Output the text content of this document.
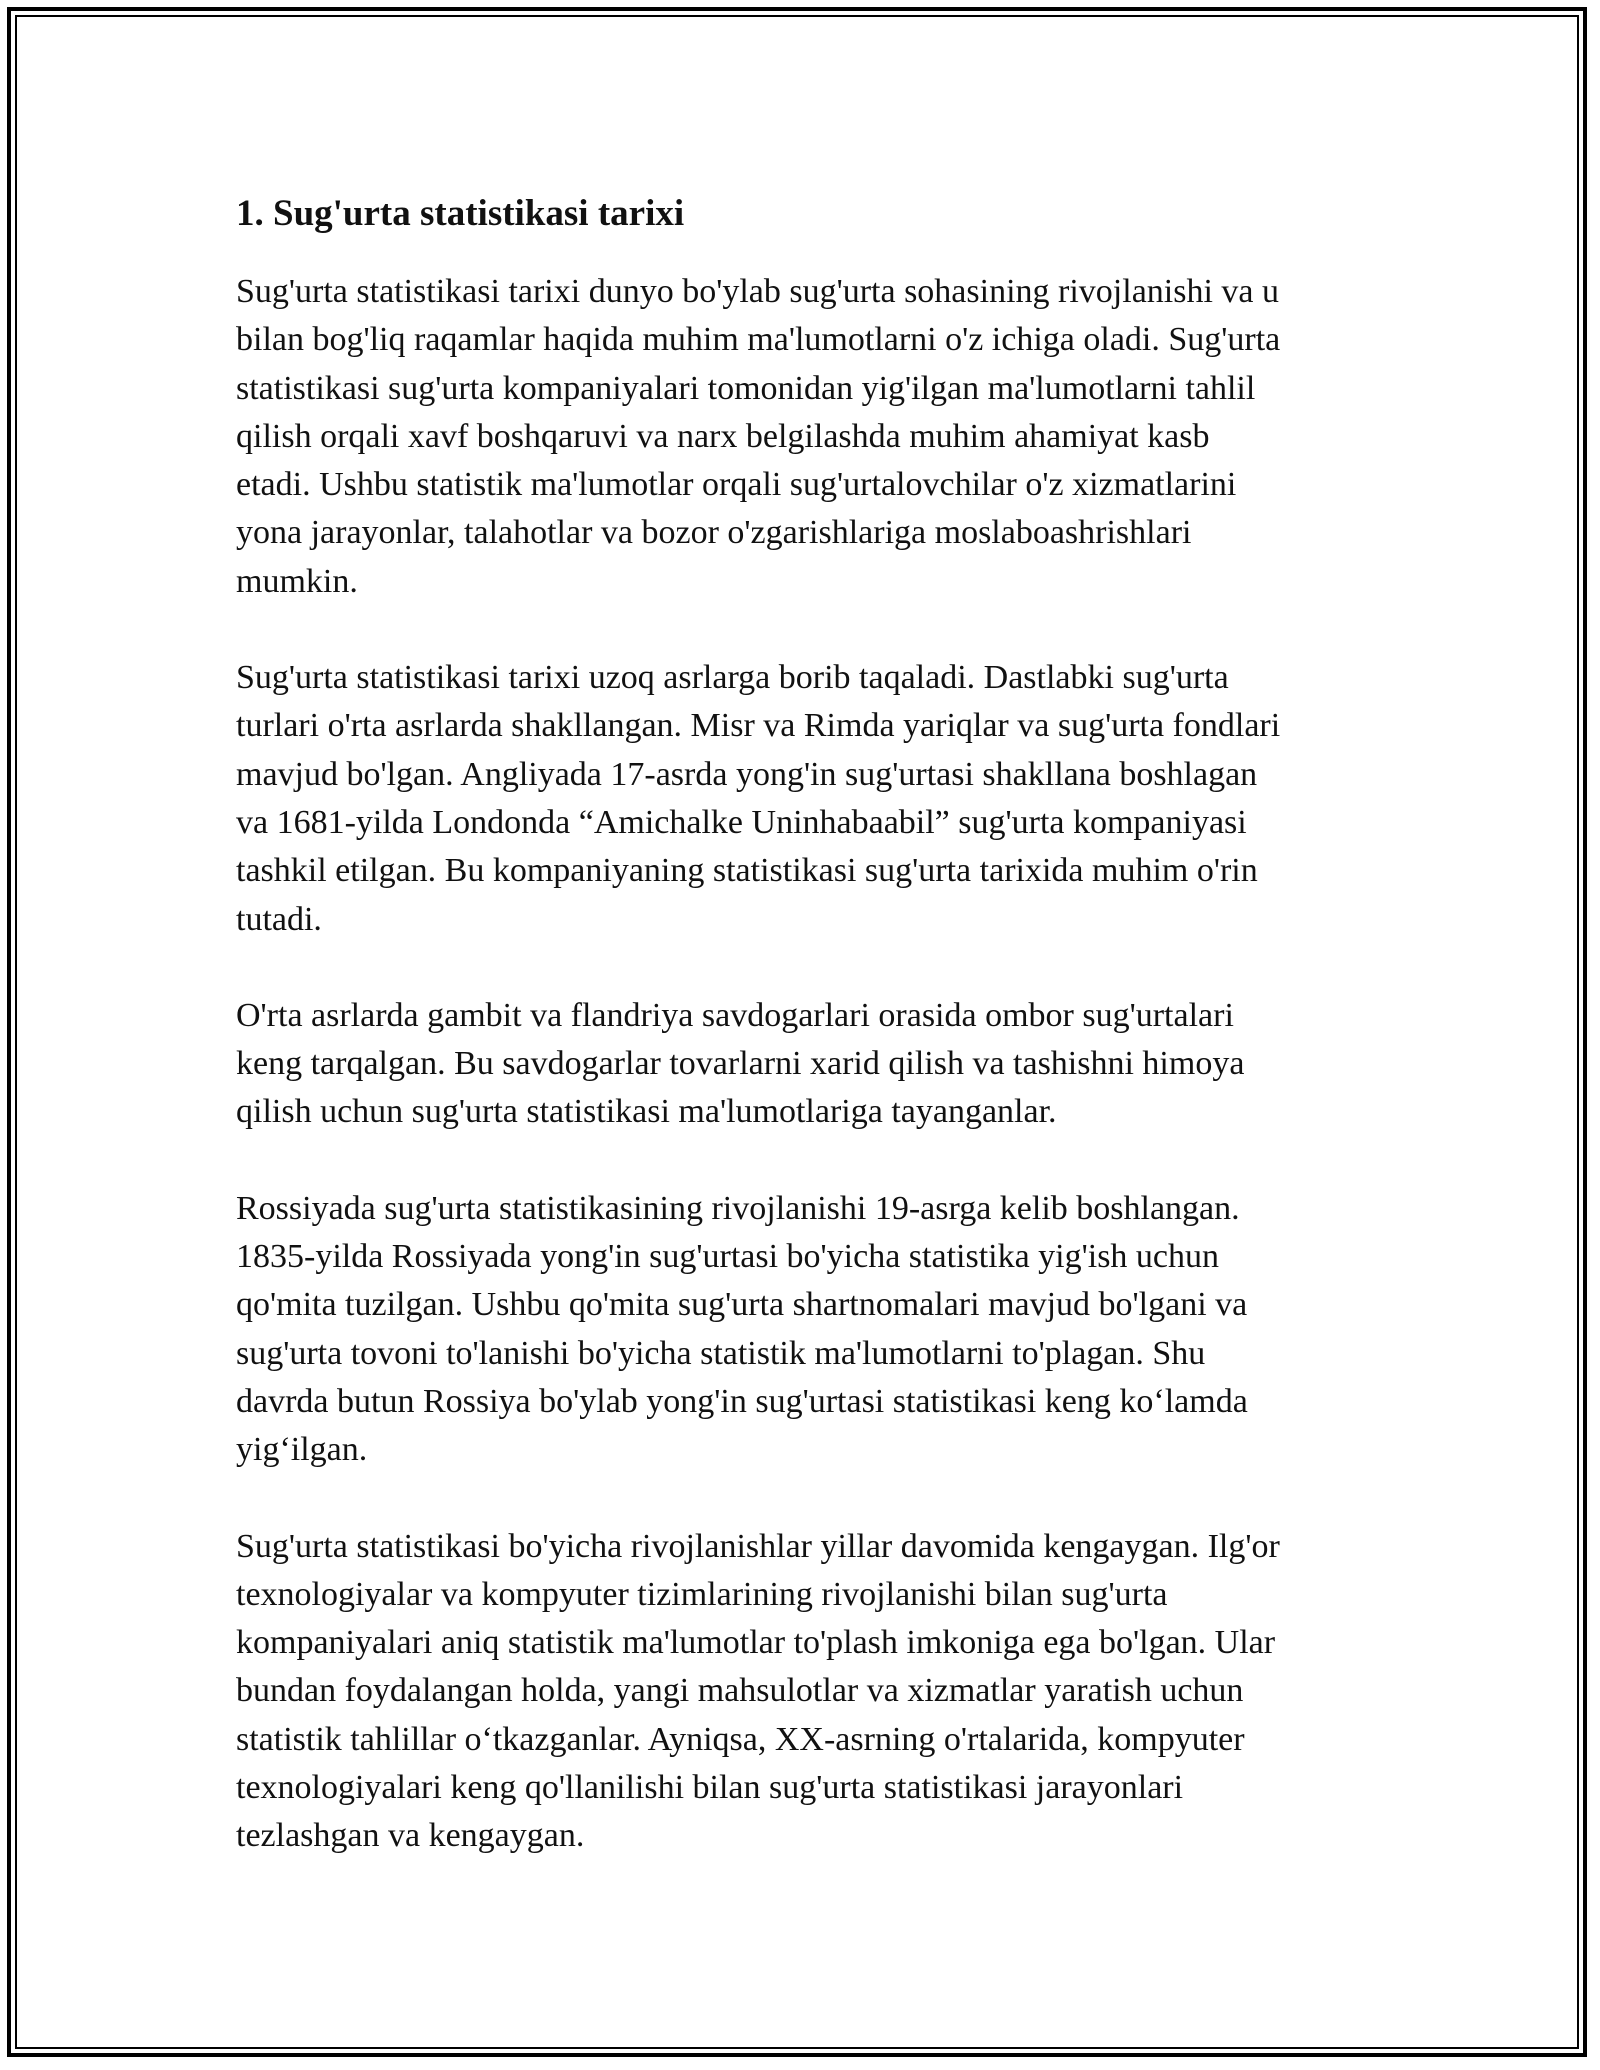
1. Sug'urta statistikasi tarixi

Sug'urta statistikasi tarixi dunyo bo'ylab sug'urta sohasining rivojlanishi va u
bilan bog'liq raqamlar haqida muhim ma'lumotlarni o'z ichiga oladi. Sug'urta
statistikasi sug'urta kompaniyalari tomonidan yig'ilgan ma'lumotlarni tahlil
qilish orqali xavf boshqaruvi va narx belgilashda muhim ahamiyat kasb
etadi. Ushbu statistik ma'lumotlar orqali sug'urtalovchilar o'z xizmatlarini
yona jarayonlar, talahotlar va bozor o'zgarishlariga moslaboashrishlari
mumkin.

Sug'urta statistikasi tarixi uzoq asrlarga borib taqaladi. Dastlabki sug'urta
turlari o'rta asrlarda shakllangan. Misr va Rimda yariqlar va sug'urta fondlari
mavjud bo'lgan. Angliyada 17-asrda yong'in sug'urtasi shakllana boshlagan
va 1681-yilda Londonda “Amichalke Uninhabaabil” sug'urta kompaniyasi
tashkil etilgan. Bu kompaniyaning statistikasi sug'urta tarixida muhim o'rin
tutadi.

O'rta asrlarda gambit va flandriya savdogarlari orasida ombor sug'urtalari
keng tarqalgan. Bu savdogarlar tovarlarni xarid qilish va tashishni himoya
qilish uchun sug'urta statistikasi ma'lumotlariga tayanganlar.

Rossiyada sug'urta statistikasining rivojlanishi 19-asrga kelib boshlangan.
1835-yilda Rossiyada yong'in sug'urtasi bo'yicha statistika yig'ish uchun
qo'mita tuzilgan. Ushbu qo'mita sug'urta shartnomalari mavjud bo'lgani va
sug'urta tovoni to'lanishi bo'yicha statistik ma'lumotlarni to'plagan. Shu
davrda butun Rossiya bo'ylab yong'in sug'urtasi statistikasi keng ko‘lamda
yig‘ilgan.

Sug'urta statistikasi bo'yicha rivojlanishlar yillar davomida kengaygan. Ilg'or
texnologiyalar va kompyuter tizimlarining rivojlanishi bilan sug'urta
kompaniyalari aniq statistik ma'lumotlar to'plash imkoniga ega bo'lgan. Ular
bundan foydalangan holda, yangi mahsulotlar va xizmatlar yaratish uchun
statistik tahlillar o‘tkazganlar. Ayniqsa, XX-asrning o'rtalarida, kompyuter
texnologiyalari keng qo'llanilishi bilan sug'urta statistikasi jarayonlari
tezlashgan va kengaygan.
